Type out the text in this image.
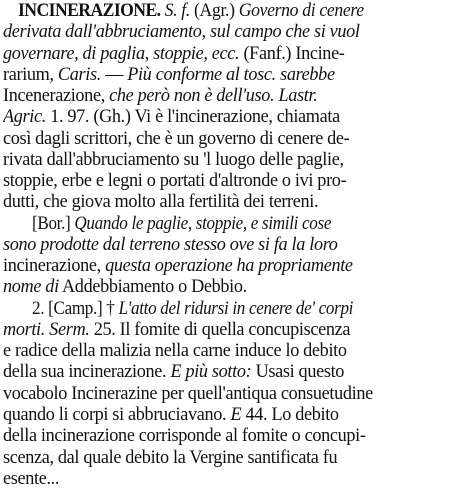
INCINERAZIONE. S. f. (Agr.) Governo di cenere
derivata dall'abbruciamento, sul campo che si vuol
governare, di paglia, stoppie, ecc. (Fanf.) Incine-
rarium, Caris. — Più conforme al tosc. sarebbe
Incenerazione, che però non è dell'uso. Lastr.
Agric. 1. 97. (Gh.) Vi è l'incinerazione, chiamata
così dagli scrittori, che è un governo di cenere de-
rivata dall'abbruciamento su 'l luogo delle paglie,
stoppie, erbe e legni o portati d'altronde o ivi pro-
dutti, che giova molto alla fertilità dei terreni.
[Bor.] Quando le paglie, stoppie, e simili cose
sono prodotte dal terreno stesso ove si fa la loro
incinerazione, questa operazione ha propriamente
nome di Addebbiamento o Debbio.
2. [Camp.] † L'atto del ridursi in cenere de' corpi
morti. Serm. 25. Il fomite di quella concupiscenza
e radice della malizia nella carne induce lo debito
della sua incinerazione. E più sotto: Usasi questo
vocabolo Incinerazine per quell'antiqua consuetudine
quando li corpi si abbruciavano. E 44. Lo debito
della incinerazione corrisponde al fomite o concupi-
scenza, dal quale debito la Vergine santificata fu
esente...
